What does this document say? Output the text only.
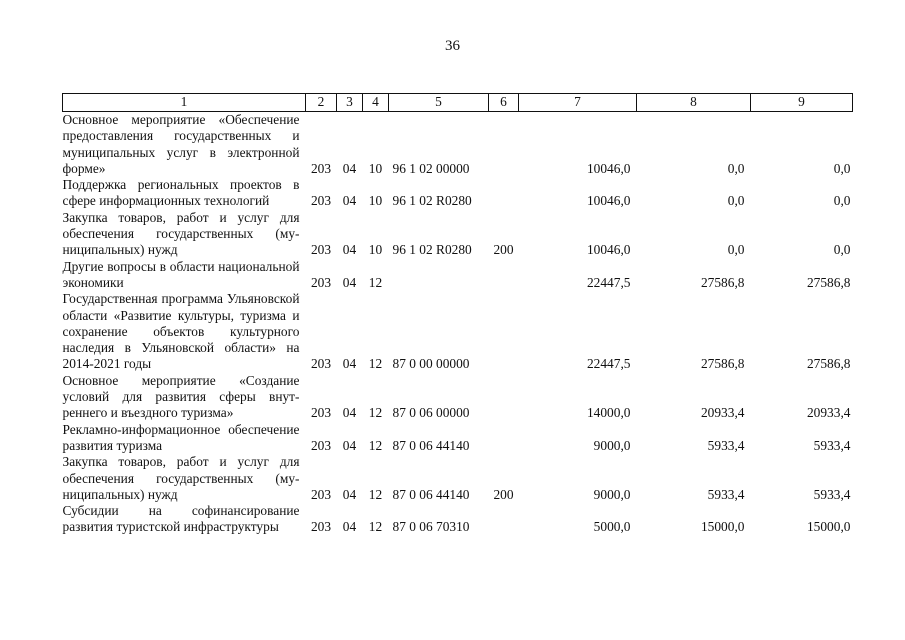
36
1	2	3	4	5	6	7	8	9
Основное мероприятие «Обеспечение предоставления государственных и муниципальных услуг в электронной форме»	203	04	10	96 1 02 00000		10046,0	0,0	0,0
Поддержка региональных проектов в сфере информационных технологий	203	04	10	96 1 02 R0280		10046,0	0,0	0,0
Закупка товаров, работ и услуг для обеспечения государственных (муниципальных) нужд	203	04	10	96 1 02 R0280	200	10046,0	0,0	0,0
Другие вопросы в области национальной экономики	203	04	12			22447,5	27586,8	27586,8
Государственная программа Ульяновской области «Развитие культуры, туризма и сохранение объектов культурного наследия в Ульяновской области» на 2014-2021 годы	203	04	12	87 0 00 00000		22447,5	27586,8	27586,8
Основное мероприятие «Создание условий для развития сферы внутреннего и въездного туризма»	203	04	12	87 0 06 00000		14000,0	20933,4	20933,4
Рекламно-информационное обеспечение развития туризма	203	04	12	87 0 06 44140		9000,0	5933,4	5933,4
Закупка товаров, работ и услуг для обеспечения государственных (муниципальных) нужд	203	04	12	87 0 06 44140	200	9000,0	5933,4	5933,4
Субсидии на софинансирование развития туристской инфраструктуры	203	04	12	87 0 06 70310		5000,0	15000,0	15000,0
